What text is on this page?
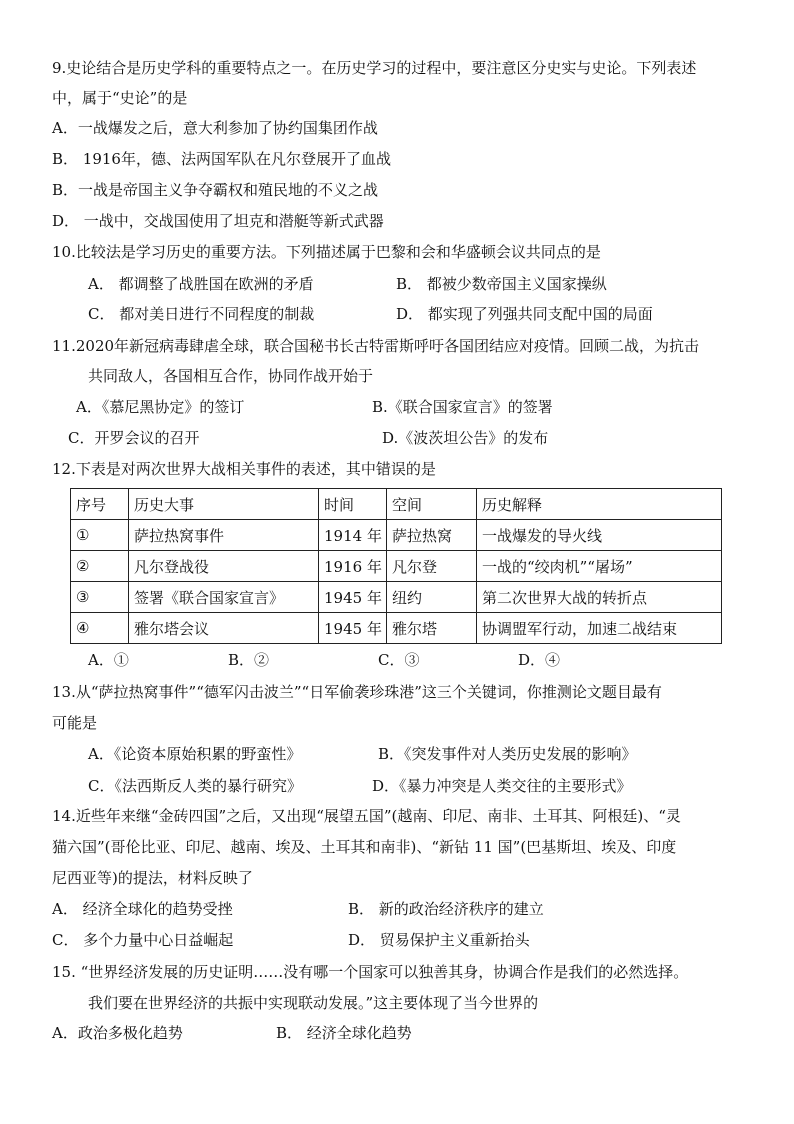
9.史论结合是历史学科的重要特点之一。在历史学习的过程中，要注意区分史实与史论。下列表述
中，属于“史论”的是
A．一战爆发之后，意大利参加了协约国集团作战
B． 1916年，德、法两国军队在凡尔登展开了血战
B．一战是帝国主义争夺霸权和殖民地的不义之战
D． 一战中，交战国使用了坦克和潜艇等新式武器
10.比较法是学习历史的重要方法。下列描述属于巴黎和会和华盛顿会议共同点的是
A． 都调整了战胜国在欧洲的矛盾	B． 都被少数帝国主义国家操纵
C． 都对美日进行不同程度的制裁	D． 都实现了列强共同支配中国的局面
11.2020年新冠病毒肆虐全球，联合国秘书长古特雷斯呼吁各国团结应对疫情。回顾二战，为抗击
共同敌人，各国相互合作，协同作战开始于
A．《慕尼黑协定》的签订	B.《联合国家宣言》的签署
C．开罗会议的召开	D.《波茨坦公告》的发布
12.下表是对两次世界大战相关事件的表述，其中错误的是
序号	历史大事	时间	空间	历史解释
①	萨拉热窝事件	1914 年	萨拉热窝	一战爆发的导火线
②	凡尔登战役	1916 年	凡尔登	一战的“绞肉机”“屠场”
③	签署《联合国家宣言》	1945 年	纽约	第二次世界大战的转折点
④	雅尔塔会议	1945 年	雅尔塔	协调盟军行动，加速二战结束
A．①	B．②	C．③	D．④
13.从“萨拉热窝事件”“德军闪击波兰”“日军偷袭珍珠港”这三个关键词，你推测论文题目最有
可能是
A．《论资本原始积累的野蛮性》	B．《突发事件对人类历史发展的影响》
C．《法西斯反人类的暴行研究》	D．《暴力冲突是人类交往的主要形式》
14.近些年来继“金砖四国”之后，又出现“展望五国”(越南、印尼、南非、土耳其、阿根廷)、“灵
猫六国”(哥伦比亚、印尼、越南、埃及、土耳其和南非)、“新钻 11 国”(巴基斯坦、埃及、印度
尼西亚等)的提法，材料反映了
A． 经济全球化的趋势受挫	B． 新的政治经济秩序的建立
C． 多个力量中心日益崛起	D． 贸易保护主义重新抬头
15. “世界经济发展的历史证明……没有哪一个国家可以独善其身，协调合作是我们的必然选择。
我们要在世界经济的共振中实现联动发展。”这主要体现了当今世界的
A．政治多极化趋势	B． 经济全球化趋势
